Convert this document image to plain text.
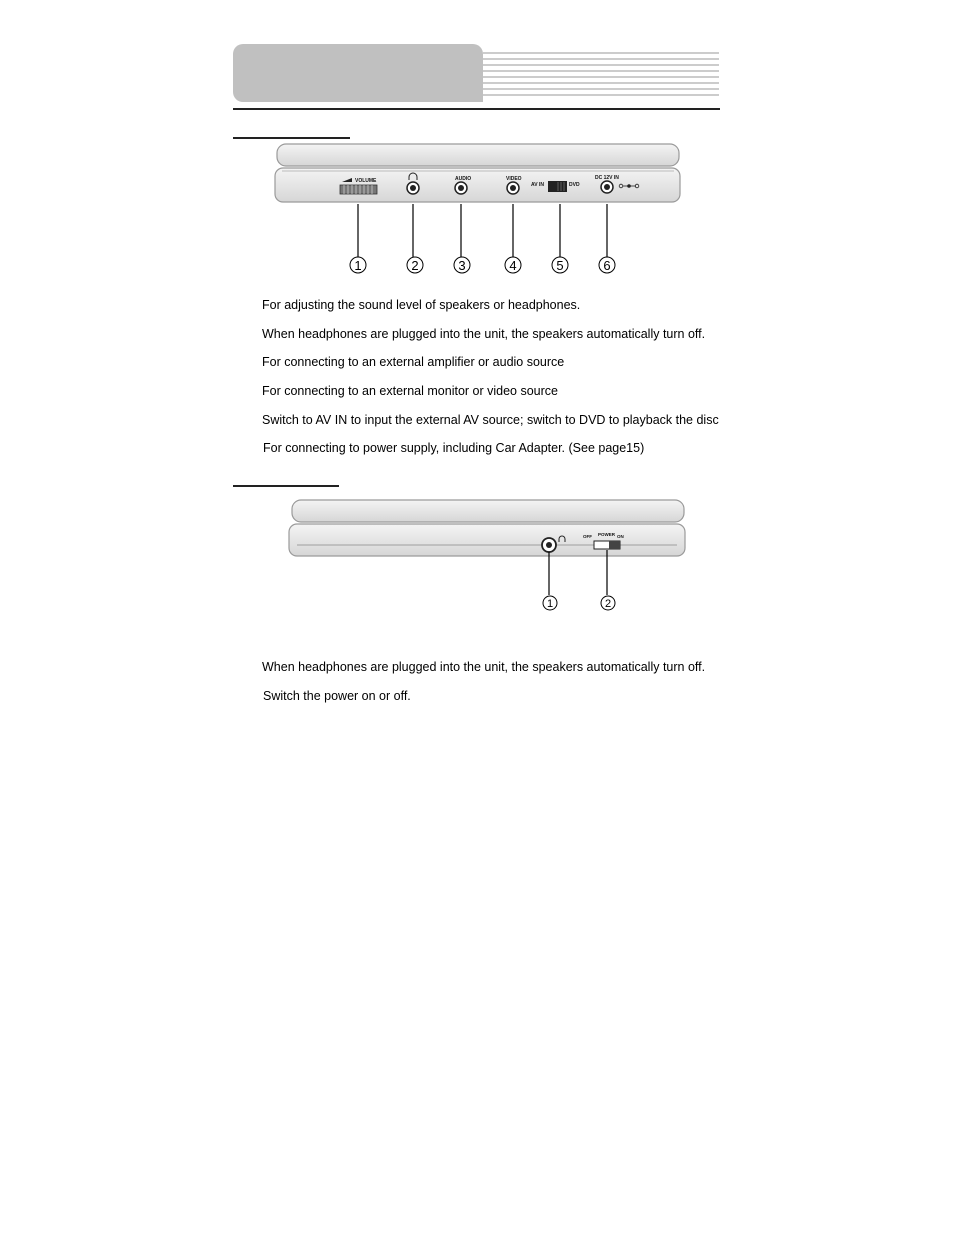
VOLUME	AUDIO	VIDEO
AV IN	DVD
DC 12V IN
1	2	3	4	5	6
For adjusting the sound level of speakers or headphones.
When headphones are plugged into the unit, the speakers automatically turn off.
For connecting to an external amplifier or audio source
For connecting to an external monitor or video source
Switch to AV IN to input the external AV source; switch to DVD to playback the disc
For connecting to power supply, including Car Adapter. (See page15)
OFF POWER ON
1	2
When headphones are plugged into the unit, the speakers automatically turn off.
Switch the power on or off.
